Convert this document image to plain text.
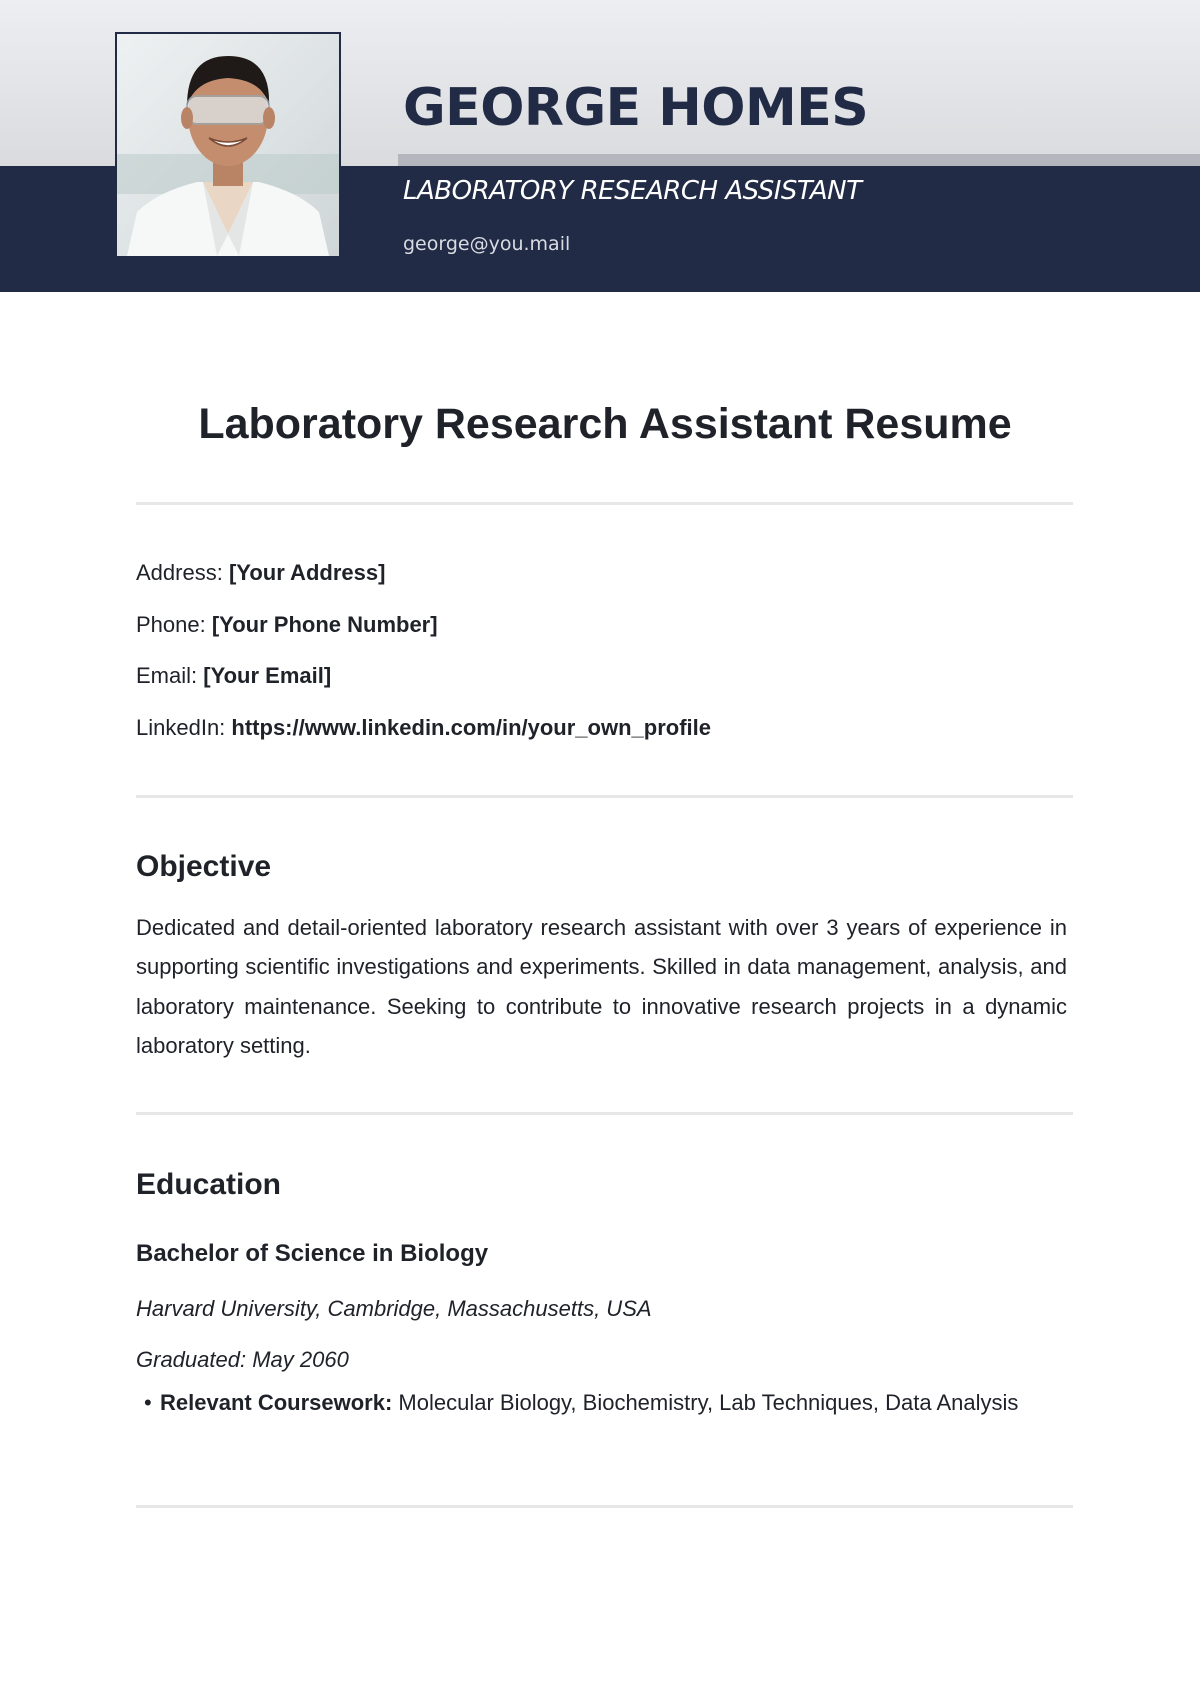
GEORGE HOMES
LABORATORY RESEARCH ASSISTANT
george@you.mail
Laboratory Research Assistant Resume
Address: [Your Address]
Phone: [Your Phone Number]
Email: [Your Email]
LinkedIn: https://www.linkedin.com/in/your_own_profile
Objective

Dedicated and detail-oriented laboratory research assistant with over 3 years of experience in supporting scientific investigations and experiments. Skilled in data management, analysis, and laboratory maintenance. Seeking to contribute to innovative research projects in a dynamic laboratory setting.

Education
Bachelor of Science in Biology
Harvard University, Cambridge, Massachusetts, USA
Graduated: May 2060
• Relevant Coursework: Molecular Biology, Biochemistry, Lab Techniques, Data Analysis
